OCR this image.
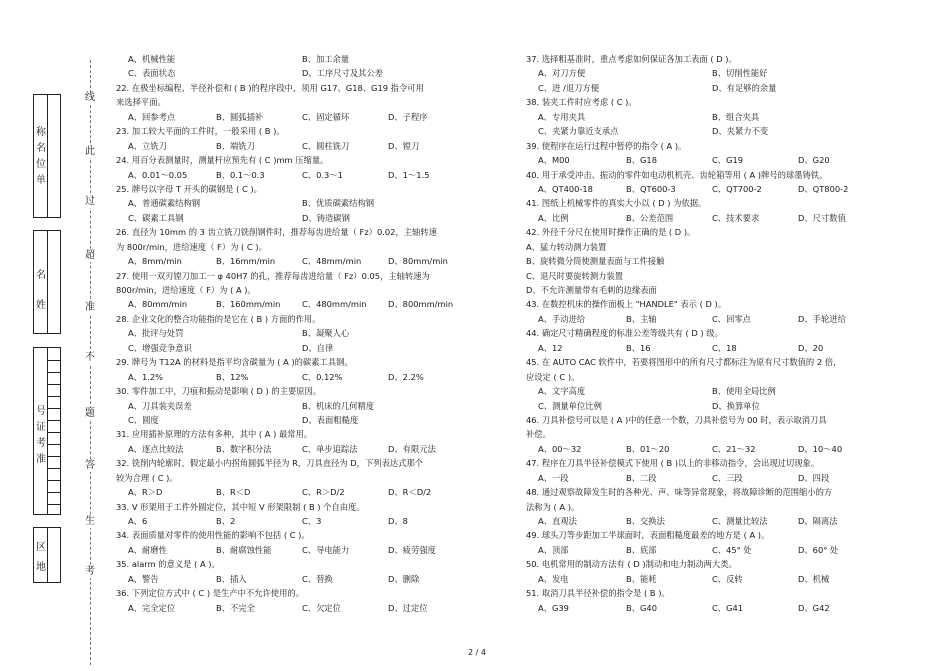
线
此
过
超
准
不
题
答
生
考
称
名
位
单
名
姓
号
证
考
准
区
地
A、机械性能	B、加工余量
C、表面状态	D、工序尺寸及其公差
22. 在极坐标编程、半径补偿和 ( B )的程序段中，须用 G17、G18、G19 指令可用
来选择平面。
A、回参考点	B、圆弧插补	C、固定循环	D、子程序
23. 加工较大平面的工件时，一般采用 ( B )。
A、立铣刀	B、端铣刀	C、圆柱铣刀	D、镗刀
24. 用百分表测量时，测量杆应预先有 ( C )mm 压缩量。
A、0.01～0.05	B、0.1～0.3	C、0.3～1	D、1～1.5
25. 牌号以字母 T 开头的碳钢是 ( C )。
A、普通碳素结构钢	B、优质碳素结构钢
C、碳素工具钢	D、铸造碳钢
26. 直径为 10mm 的 3 齿立铣刀铣削钢件时，推荐每齿进给量（ Fz）0.02，主轴转速
为 800r/min，进给速度（ F）为 ( C )。
A、8mm/min	B、16mm/min	C、48mm/min	D、80mm/min
27. 使用一双刃镗刀加工一 φ 40H7 的孔，推荐每齿进给量（ Fz）0.05，主轴转速为
800r/min，进给速度（ F）为 ( A )。
A、80mm/min	B、160mm/min	C、480mm/min	D、800mm/min
28. 企业文化的整合功能指的是它在 ( B ) 方面的作用。
A、批评与处罚	B、凝聚人心
C、增强竞争意识	D、自律
29. 牌号为 T12A 的材料是指平均含碳量为 ( A )的碳素工具钢。
A、1.2%	B、12%	C、0.12%	D、2.2%
30. 零件加工中，刀痕和振动是影响 ( D ) 的主要原因。
A、刀具装夹误差	B、机床的几何精度
C、圆度	D、表面粗糙度
31. 应用插补原理的方法有多种，其中 ( A ) 最常用。
A、逐点比较法	B、数字积分法	C、单步追踪法	D、有限元法
32. 铣削内轮廓时，假定最小内拐角圆弧半径为 R，刀具直径为 D，下列表达式那个
较为合理 ( C )。
A、R＞D	B、R＜D	C、R＞D/2	D、R＜D/2
33. V 形架用于工件外圆定位，其中短 V 形架限制 ( B ) 个自由度。
A、6	B、2	C、3	D、8
34. 表面质量对零件的使用性能的影响不包括 ( C )。
A、耐磨性	B、耐腐蚀性能	C、导电能力	D、疲劳强度
35. alarm 的意义是 ( A )。
A、警告	B、插入	C、替换	D、删除
36. 下列定位方式中 ( C ) 是生产中不允许使用的。
A、完全定位	B、不完全	C、欠定位	D、过定位
37. 选择粗基准时，重点考虑如何保证各加工表面 ( D )。
A、对刀方便	B、切削性能好
C、进 /退刀方便	D、有足够的余量
38. 装夹工件时应考虑 ( C )。
A、专用夹具	B、组合夹具
C、夹紧力靠近支承点	D、夹紧力不变
39. 使程序在运行过程中暂停的指令 ( A )。
A、M00	B、G18	C、G19	D、G20
40. 用于承受冲击、振动的零件如电动机机壳、齿轮箱等用 ( A )牌号的球墨铸铁。
A、QT400-18	B、QT600-3	C、QT700-2	D、QT800-2
41. 图纸上机械零件的真实大小以 ( D ) 为依据。
A、比例	B、公差范围	C、技术要求	D、尺寸数值
42. 外径千分尺在使用时操作正确的是 ( D )。
A、猛力转动测力装置
B、旋转微分筒使测量表面与工件接触
C、退尺时要旋转测力装置
D、不允许测量带有毛刺的边缘表面
43. 在数控机床的操作面板上 "HANDLE" 表示 ( D )。
A、手动进给	B、主轴	C、回零点	D、手轮进给
44. 确定尺寸精确程度的标准公差等级共有 ( D ) 级。
A、12	B、16	C、18	D、20
45. 在 AUTO CAC 软件中，若要将图形中的所有尺寸都标注为原有尺寸数值的 2 倍,
应设定 ( C )。
A、文字高度	B、使用全局比例
C、测量单位比例	D、换算单位
46. 刀具补偿号可以是 ( A )中的任意一个数，刀具补偿号为 00 时，表示取消刀具
补偿。
A、00～32	B、01～20	C、21～32	D、10～40
47. 程序在刀具半径补偿模式下使用 ( B )以上的非移动指令，会出现过切现象。
A、一段	B、二段	C、三段	D、四段
48. 通过观察故障发生时的各种光、声、味等异常现象，将故障诊断的范围缩小的方
法称为 ( A )。
A、直观法	B、交换法	C、测量比较法	D、隔离法
49. 球头刀等步距加工半球面时，表面粗糙度最差的地方是 ( A )。
A、顶部	B、底部	C、45° 处	D、60° 处
50. 电机常用的制动方法有 ( D )制动和电力制动两大类。
A、发电	B、能耗	C、反转	D、机械
51. 取消刀具半径补偿的指令是 ( B )。
A、G39	B、G40	C、G41	D、G42
2 / 4
